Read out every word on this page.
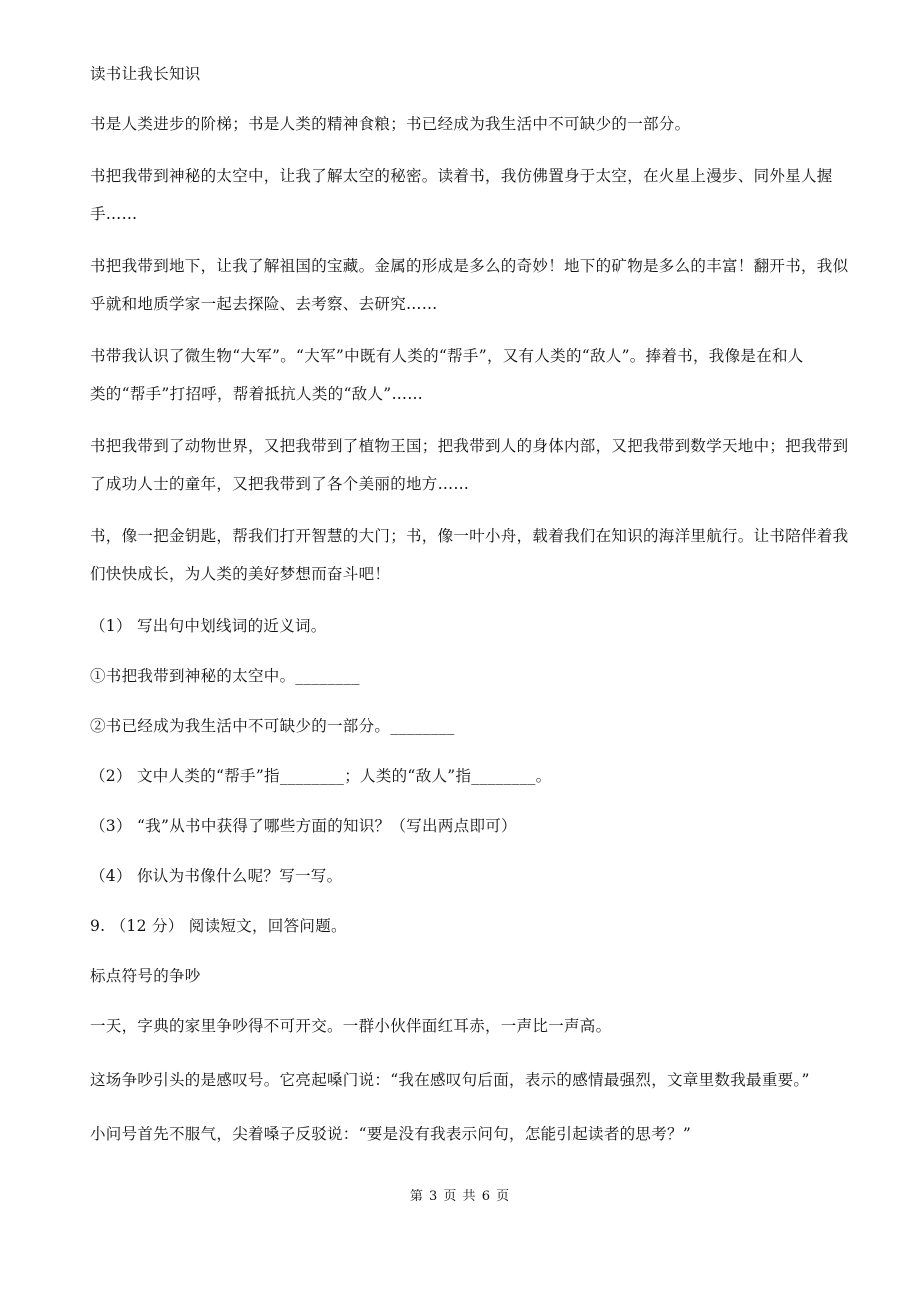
读书让我长知识
书是人类进步的阶梯；书是人类的精神食粮；书已经成为我生活中不可缺少的一部分。
书把我带到神秘的太空中，让我了解太空的秘密。读着书，我仿佛置身于太空，在火星上漫步、同外星人握
手……
书把我带到地下，让我了解祖国的宝藏。金属的形成是多么的奇妙！地下的矿物是多么的丰富！翻开书，我似
乎就和地质学家一起去探险、去考察、去研究……
书带我认识了微生物“大军”。“大军”中既有人类的“帮手”，又有人类的“敌人”。捧着书，我像是在和人
类的“帮手”打招呼，帮着抵抗人类的“敌人”……
书把我带到了动物世界，又把我带到了植物王国；把我带到人的身体内部，又把我带到数学天地中；把我带到
了成功人士的童年，又把我带到了各个美丽的地方……
书，像一把金钥匙，帮我们打开智慧的大门；书，像一叶小舟，载着我们在知识的海洋里航行。让书陪伴着我
们快快成长，为人类的美好梦想而奋斗吧！
（1） 写出句中划线词的近义词。
①书把我带到神秘的太空中。________
②书已经成为我生活中不可缺少的一部分。________
（2） 文中人类的“帮手”指________；人类的“敌人”指________。
（3） “我”从书中获得了哪些方面的知识？（写出两点即可）
（4） 你认为书像什么呢？写一写。
9. （12 分） 阅读短文，回答问题。
标点符号的争吵
一天，字典的家里争吵得不可开交。一群小伙伴面红耳赤，一声比一声高。
这场争吵引头的是感叹号。它亮起嗓门说：“我在感叹句后面，表示的感情最强烈，文章里数我最重要。”
小问号首先不服气，尖着嗓子反驳说：“要是没有我表示问句，怎能引起读者的思考？”
第 3 页 共 6 页
